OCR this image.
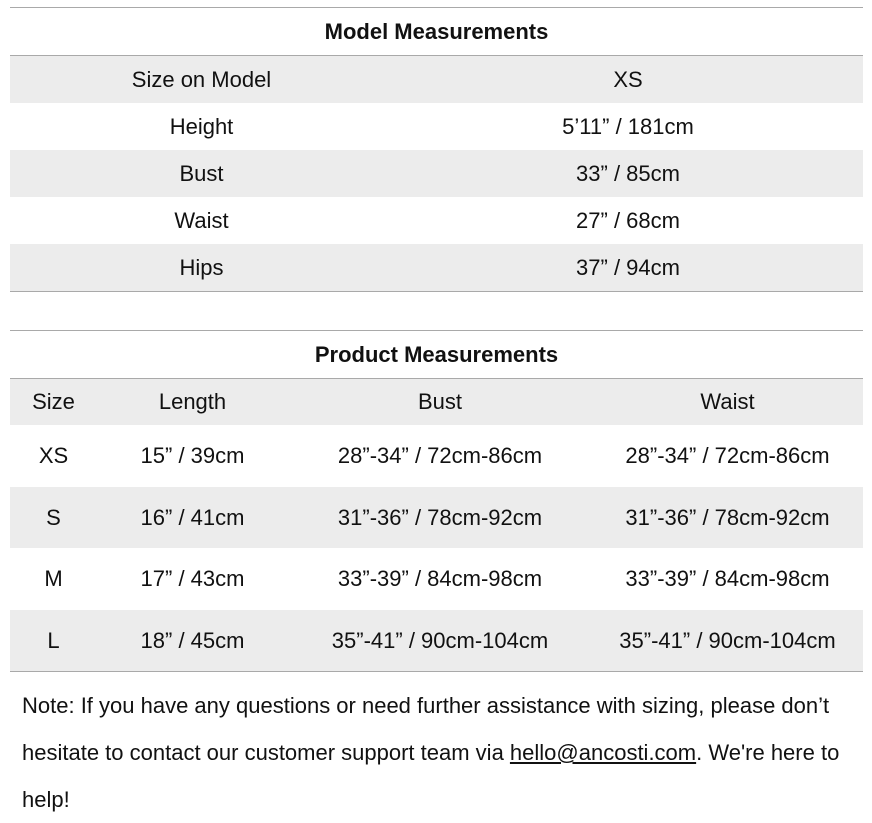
Model Measurements
Size on Model	XS
Height	5’11” / 181cm
Bust	33” / 85cm
Waist	27” / 68cm
Hips	37” / 94cm
Product Measurements
Size	Length	Bust	Waist
XS	15” / 39cm	28”-34” / 72cm-86cm	28”-34” / 72cm-86cm
S	16” / 41cm	31”-36” / 78cm-92cm	31”-36” / 78cm-92cm
M	17” / 43cm	33”-39” / 84cm-98cm	33”-39” / 84cm-98cm
L	18” / 45cm	35”-41” / 90cm-104cm	35”-41” / 90cm-104cm
Note: If you have any questions or need further assistance with sizing, please don’t hesitate to contact our customer support team via hello@ancosti.com. We're here to help!
